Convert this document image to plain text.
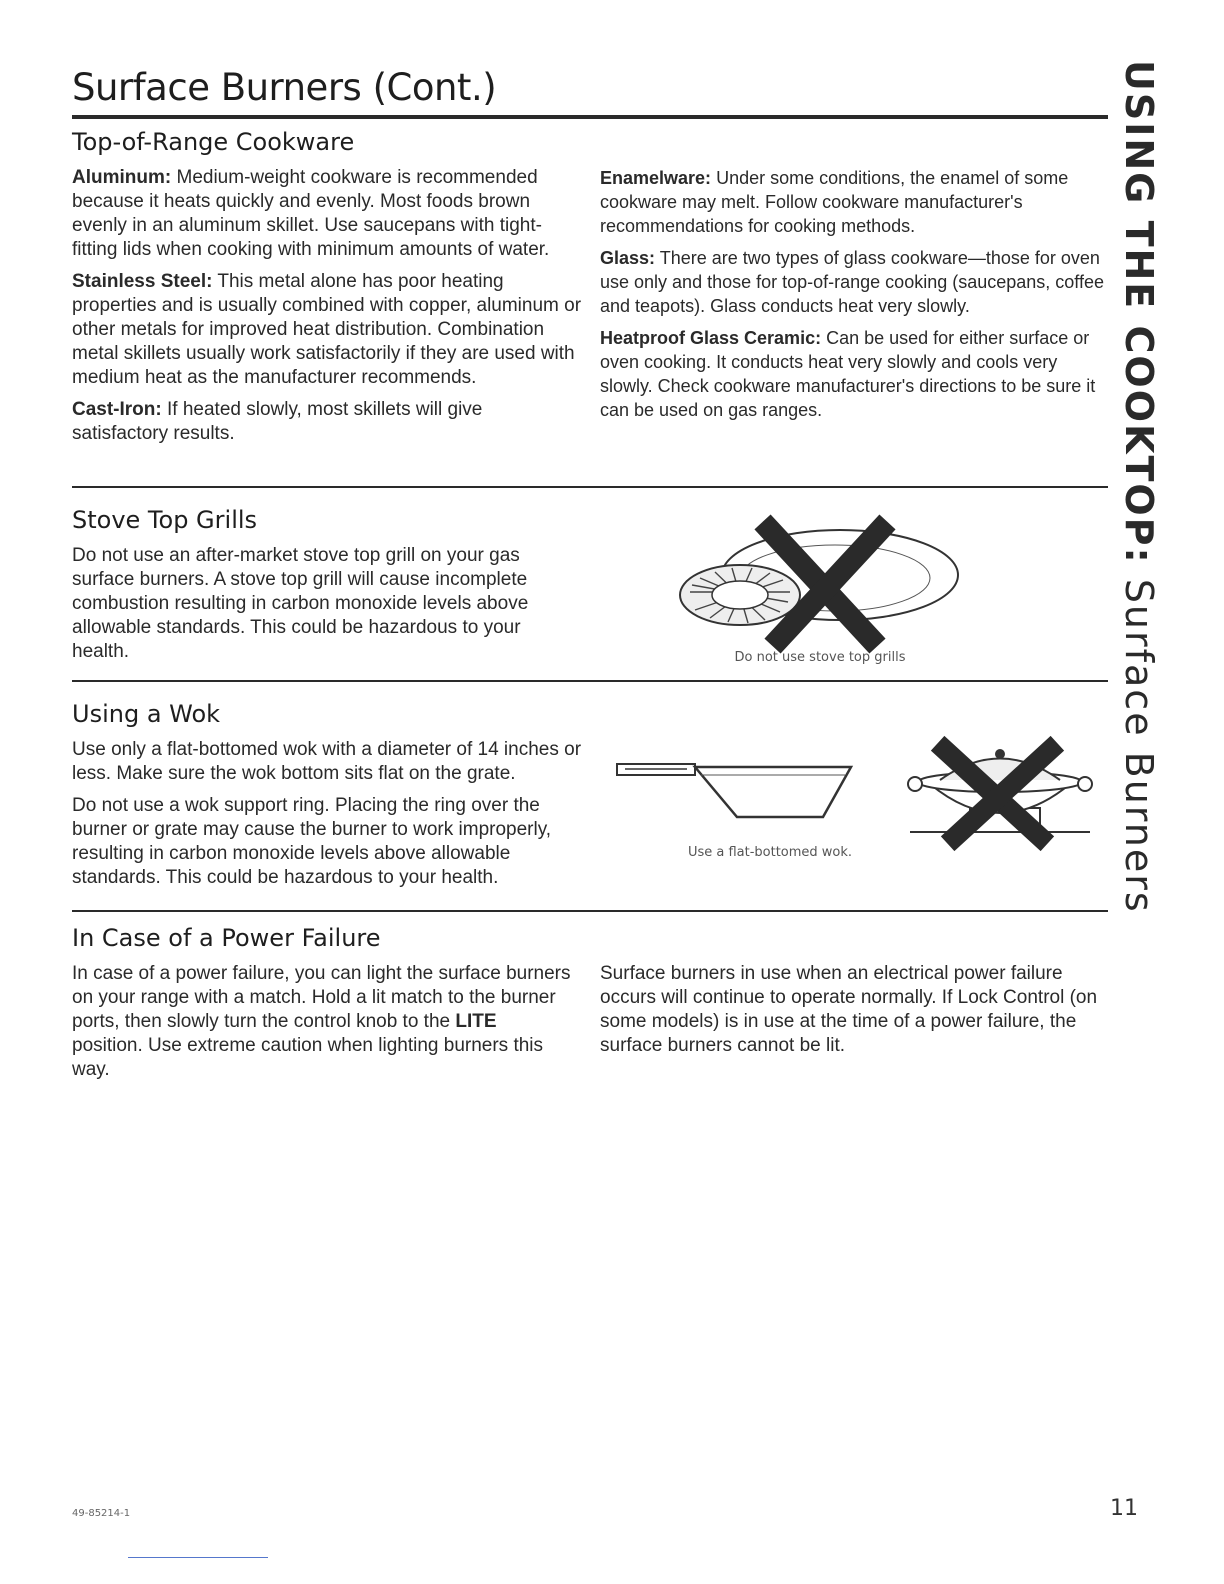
Surface Burners (Cont.)	USING THE COOKTOP: Surface Burners
Top-of-Range Cookware

Aluminum: Medium-weight cookware is recommended because it heats quickly and evenly. Most foods brown evenly in an aluminum skillet. Use saucepans with tight-fitting lids when cooking with minimum amounts of water.

Stainless Steel: This metal alone has poor heating properties and is usually combined with copper, aluminum or other metals for improved heat distribution. Combination metal skillets usually work satisfactorily if they are used with medium heat as the manufacturer recommends.

Cast-Iron: If heated slowly, most skillets will give satisfactory results.

Enamelware: Under some conditions, the enamel of some cookware may melt. Follow cookware manufacturer's recommendations for cooking methods.

Glass: There are two types of glass cookware—those for oven use only and those for top-of-range cooking (saucepans, coffee and teapots). Glass conducts heat very slowly.

Heatproof Glass Ceramic: Can be used for either surface or oven cooking. It conducts heat very slowly and cools very slowly. Check cookware manufacturer's directions to be sure it can be used on gas ranges.

Stove Top Grills
Do not use an after-market stove top grill on your gas surface burners. A stove top grill will cause incomplete combustion resulting in carbon monoxide levels above allowable standards. This could be hazardous to your health.	Do not use stove top grills
Using a Wok

Use only a flat-bottomed wok with a diameter of 14 inches or less. Make sure the wok bottom sits flat on the grate.

Do not use a wok support ring. Placing the ring over the burner or grate may cause the burner to work improperly, resulting in carbon monoxide levels above allowable standards. This could be hazardous to your health.

Use a flat-bottomed wok.
In Case of a Power Failure

In case of a power failure, you can light the surface burners on your range with a match. Hold a lit match to the burner ports, then slowly turn the control knob to the LITE position. Use extreme caution when lighting burners this way.

Surface burners in use when an electrical power failure occurs will continue to operate normally. If Lock Control (on some models) is in use at the time of a power failure, the surface burners cannot be lit.

49-85214-1	11
